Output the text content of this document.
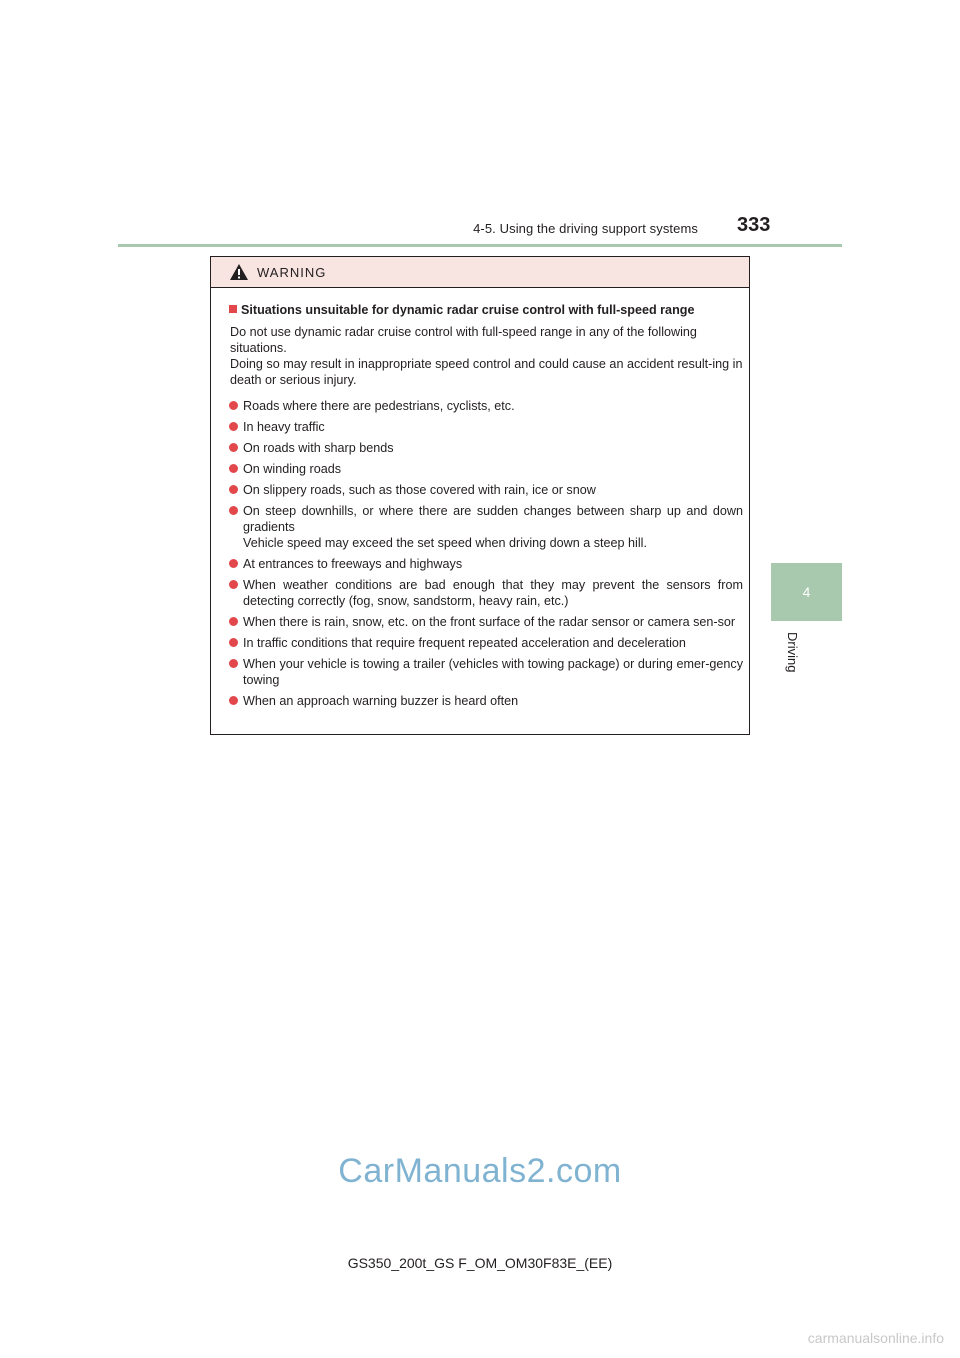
4-5. Using the driving support systems 333
4
Driving
WARNING
Situations unsuitable for dynamic radar cruise control with full-speed range

Do not use dynamic radar cruise control with full-speed range in any of the following situations.

Doing so may result in inappropriate speed control and could cause an accident result-ing in death or serious injury.

Roads where there are pedestrians, cyclists, etc.
In heavy traffic
On roads with sharp bends
On winding roads
On slippery roads, such as those covered with rain, ice or snow
On steep downhills, or where there are sudden changes between sharp up and down gradients
Vehicle speed may exceed the set speed when driving down a steep hill.
At entrances to freeways and highways
When weather conditions are bad enough that they may prevent the sensors from detecting correctly (fog, snow, sandstorm, heavy rain, etc.)
When there is rain, snow, etc. on the front surface of the radar sensor or camera sen-sor
In traffic conditions that require frequent repeated acceleration and deceleration
When your vehicle is towing a trailer (vehicles with towing package) or during emer-gency towing
When an approach warning buzzer is heard often
CarManuals2.com
GS350_200t_GS F_OM_OM30F83E_(EE)
carmanualsonline.info
